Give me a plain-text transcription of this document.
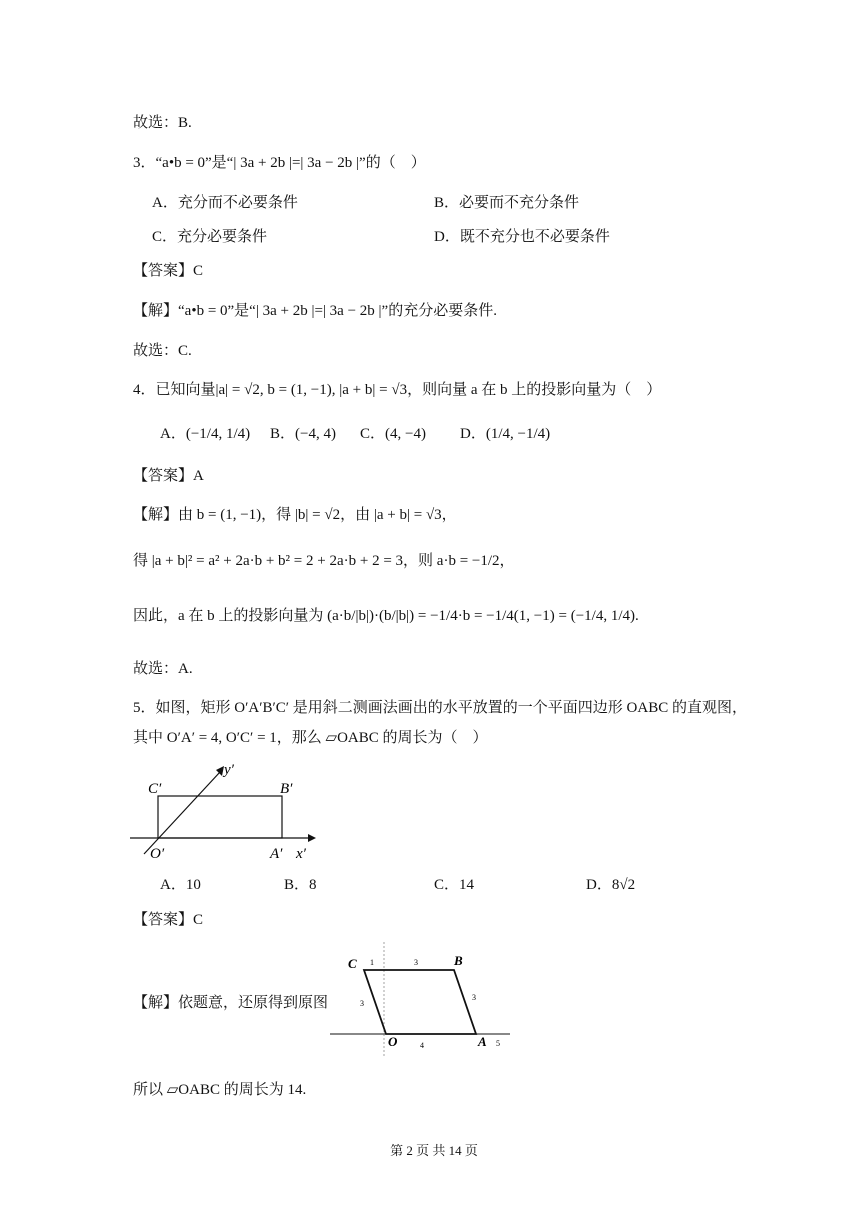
故选：B.
3．“a•b = 0”是“| 3a + 2b |=| 3a − 2b |”的（　）
A．充分而不必要条件	B．必要而不充分条件
C．充分必要条件	D．既不充分也不必要条件
【答案】C
【解】“a•b = 0”是“| 3a + 2b |=| 3a − 2b |”的充分必要条件.
故选：C.
4．已知向量|a| = √2, b = (1, −1), |a + b| = √3，则向量 a 在 b 上的投影向量为（　）
A．(−1/4, 1/4) B．(−4, 4) C．(4, −4) D．(1/4, −1/4)
【答案】A
【解】由 b = (1, −1)，得 |b| = √2，由 |a + b| = √3，
得 |a + b|² = a² + 2a·b + b² = 2 + 2a·b + 2 = 3，则 a·b = −1/2，
因此，a 在 b 上的投影向量为 (a·b/|b|)·(b/|b|) = −1/4·b = −1/4(1, −1) = (−1/4, 1/4).
故选：A.
5．如图，矩形 O′A′B′C′ 是用斜二测画法画出的水平放置的一个平面四边形 OABC 的直观图，
其中 O′A′ = 4, O′C′ = 1，那么 ▱OABC 的周长为（　）
C′	B′
O′	A′ x′
y′
A．10	B．8	C．14	D．8√2
【答案】C
【解】依题意，还原得到原图
C	B
O	A
1	3
3
3
4	5
所以 ▱OABC 的周长为 14.
第 2 页 共 14 页
